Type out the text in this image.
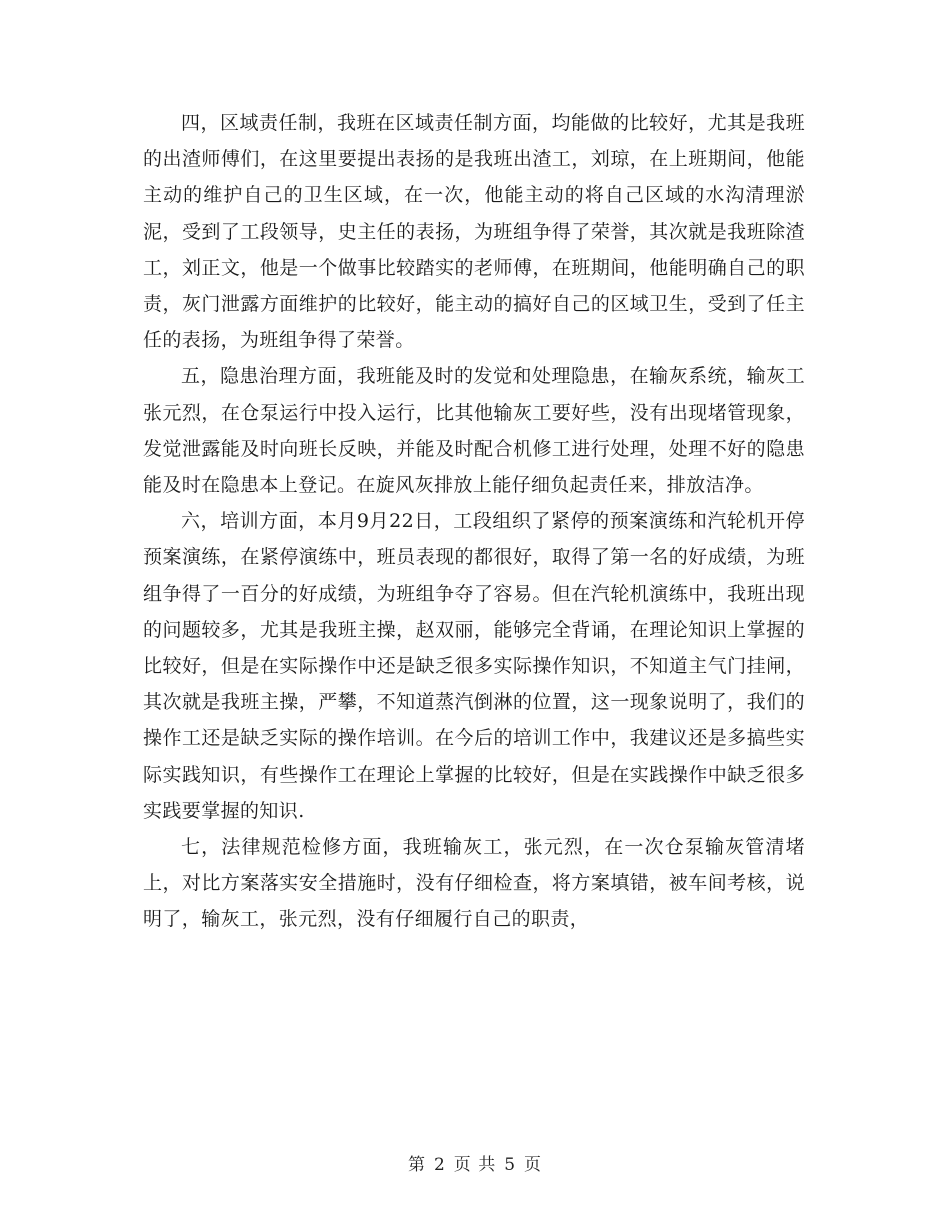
四，区域责任制，我班在区域责任制方面，均能做的比较好，尤其是我班的出渣师傅们，在这里要提出表扬的是我班出渣工，刘琼，在上班期间，他能主动的维护自己的卫生区域，在一次，他能主动的将自己区域的水沟清理淤泥，受到了工段领导，史主任的表扬，为班组争得了荣誉，其次就是我班除渣工，刘正文，他是一个做事比较踏实的老师傅，在班期间，他能明确自己的职责，灰门泄露方面维护的比较好，能主动的搞好自己的区域卫生，受到了任主任的表扬，为班组争得了荣誉。

五，隐患治理方面，我班能及时的发觉和处理隐患，在输灰系统，输灰工张元烈，在仓泵运行中投入运行，比其他输灰工要好些，没有出现堵管现象，发觉泄露能及时向班长反映，并能及时配合机修工进行处理，处理不好的隐患能及时在隐患本上登记。在旋风灰排放上能仔细负起责任来，排放洁净。

六，培训方面，本月9月22日，工段组织了紧停的预案演练和汽轮机开停预案演练，在紧停演练中，班员表现的都很好，取得了第一名的好成绩，为班组争得了一百分的好成绩，为班组争夺了容易。但在汽轮机演练中，我班出现的问题较多，尤其是我班主操，赵双丽，能够完全背诵，在理论知识上掌握的比较好，但是在实际操作中还是缺乏很多实际操作知识，不知道主气门挂闸，其次就是我班主操，严攀，不知道蒸汽倒淋的位置，这一现象说明了，我们的操作工还是缺乏实际的操作培训。在今后的培训工作中，我建议还是多搞些实际实践知识，有些操作工在理论上掌握的比较好，但是在实践操作中缺乏很多实践要掌握的知识.

七，法律规范检修方面，我班输灰工，张元烈，在一次仓泵输灰管清堵上，对比方案落实安全措施时，没有仔细检查，将方案填错，被车间考核，说明了，输灰工，张元烈，没有仔细履行自己的职责，

第 2 页 共 5 页
